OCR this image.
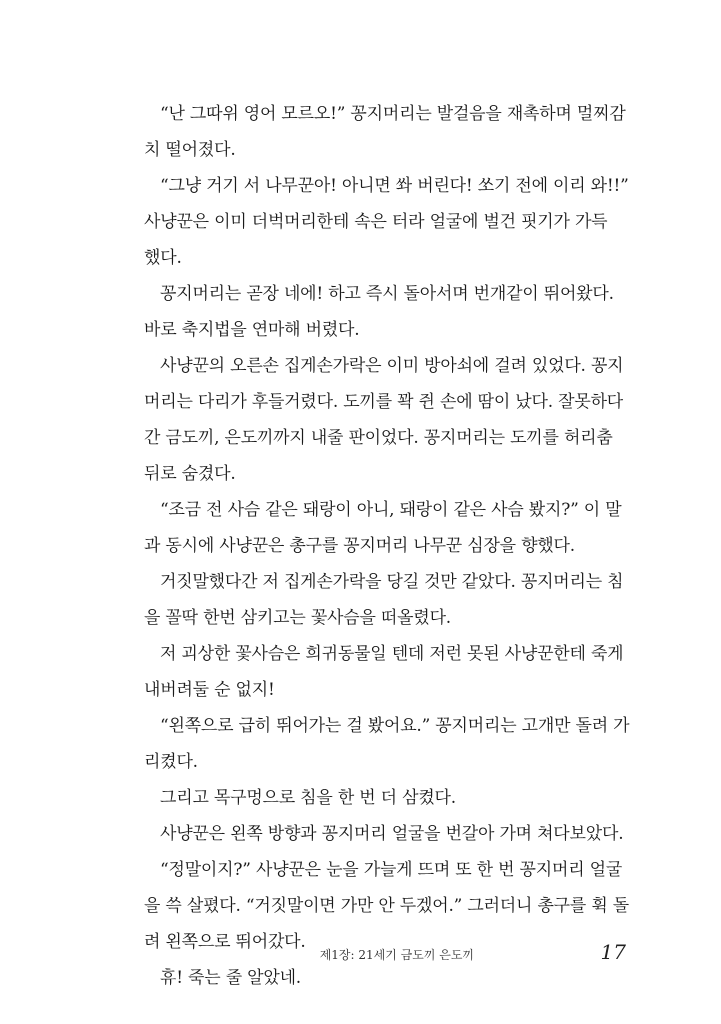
“난 그따위 영어 모르오!” 꽁지머리는 발걸음을 재촉하며 멀찌감
치 떨어졌다.
“그냥 거기 서 나무꾼아! 아니면 쏴 버린다! 쏘기 전에 이리 와!!”
사냥꾼은 이미 더벅머리한테 속은 터라 얼굴에 벌건 핏기가 가득
했다.
꽁지머리는 곧장 네에! 하고 즉시 돌아서며 번개같이 뛰어왔다.
바로 축지법을 연마해 버렸다.
사냥꾼의 오른손 집게손가락은 이미 방아쇠에 걸려 있었다. 꽁지
머리는 다리가 후들거렸다. 도끼를 꽉 쥔 손에 땀이 났다. 잘못하다
간 금도끼, 은도끼까지 내줄 판이었다. 꽁지머리는 도끼를 허리춤
뒤로 숨겼다.
“조금 전 사슴 같은 돼랑이 아니, 돼랑이 같은 사슴 봤지?” 이 말
과 동시에 사냥꾼은 총구를 꽁지머리 나무꾼 심장을 향했다.
거짓말했다간 저 집게손가락을 당길 것만 같았다. 꽁지머리는 침
을 꼴딱 한번 삼키고는 꽃사슴을 떠올렸다.
저 괴상한 꽃사슴은 희귀동물일 텐데 저런 못된 사냥꾼한테 죽게
내버려둘 순 없지!
“왼쪽으로 급히 뛰어가는 걸 봤어요.” 꽁지머리는 고개만 돌려 가
리켰다.
그리고 목구멍으로 침을 한 번 더 삼켰다.
사냥꾼은 왼쪽 방향과 꽁지머리 얼굴을 번갈아 가며 쳐다보았다.
“정말이지?” 사냥꾼은 눈을 가늘게 뜨며 또 한 번 꽁지머리 얼굴
을 쓱 살폈다. “거짓말이면 가만 안 두겠어.” 그러더니 총구를 휙 돌
려 왼쪽으로 뛰어갔다.
휴! 죽는 줄 알았네.
제1장: 21세기 금도끼 은도끼	17
